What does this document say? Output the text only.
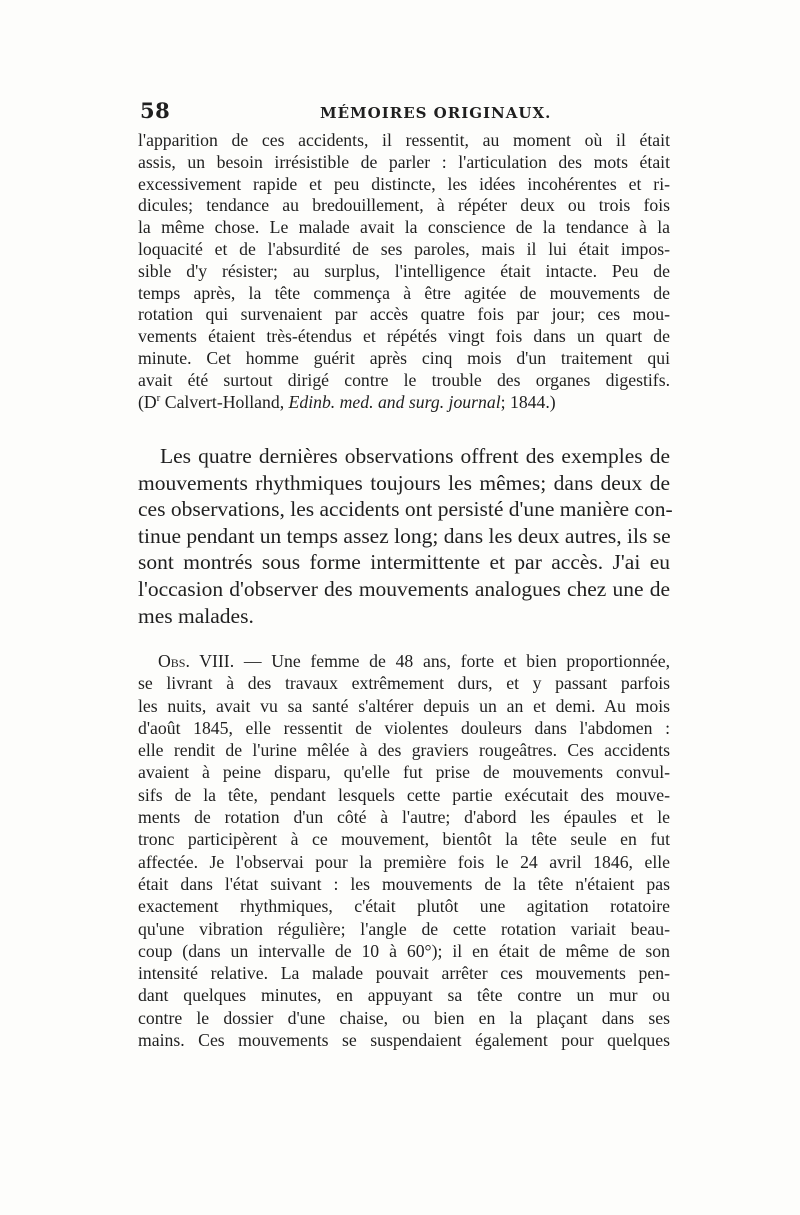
58	MÉMOIRES ORIGINAUX.
l'apparition de ces accidents, il ressentit, au moment où il était
assis, un besoin irrésistible de parler : l'articulation des mots était
excessivement rapide et peu distincte, les idées incohérentes et ri-
dicules; tendance au bredouillement, à répéter deux ou trois fois
la même chose. Le malade avait la conscience de la tendance à la
loquacité et de l'absurdité de ses paroles, mais il lui était impos-
sible d'y résister; au surplus, l'intelligence était intacte. Peu de
temps après, la tête commença à être agitée de mouvements de
rotation qui survenaient par accès quatre fois par jour; ces mou-
vements étaient très-étendus et répétés vingt fois dans un quart de
minute. Cet homme guérit après cinq mois d'un traitement qui
avait été surtout dirigé contre le trouble des organes digestifs.
($D^r$ Calvert-Holland, Edinb. med. and surg. journal; 1844.)
Les quatre dernières observations offrent des exemples de
mouvements rhythmiques toujours les mêmes; dans deux de
ces observations, les accidents ont persisté d'une manière con-
tinue pendant un temps assez long; dans les deux autres, ils se
sont montrés sous forme intermittente et par accès. J'ai eu
l'occasion d'observer des mouvements analogues chez une de
mes malades.
Obs. VIII. — Une femme de 48 ans, forte et bien proportionnée,
se livrant à des travaux extrêmement durs, et y passant parfois
les nuits, avait vu sa santé s'altérer depuis un an et demi. Au mois
d'août 1845, elle ressentit de violentes douleurs dans l'abdomen :
elle rendit de l'urine mêlée à des graviers rougeâtres. Ces accidents
avaient à peine disparu, qu'elle fut prise de mouvements convul-
sifs de la tête, pendant lesquels cette partie exécutait des mouve-
ments de rotation d'un côté à l'autre; d'abord les épaules et le
tronc participèrent à ce mouvement, bientôt la tête seule en fut
affectée. Je l'observai pour la première fois le 24 avril 1846, elle
était dans l'état suivant : les mouvements de la tête n'étaient pas
exactement rhythmiques, c'était plutôt une agitation rotatoire
qu'une vibration régulière; l'angle de cette rotation variait beau-
coup (dans un intervalle de 10 à 60°); il en était de même de son
intensité relative. La malade pouvait arrêter ces mouvements pen-
dant quelques minutes, en appuyant sa tête contre un mur ou
contre le dossier d'une chaise, ou bien en la plaçant dans ses
mains. Ces mouvements se suspendaient également pour quelques
